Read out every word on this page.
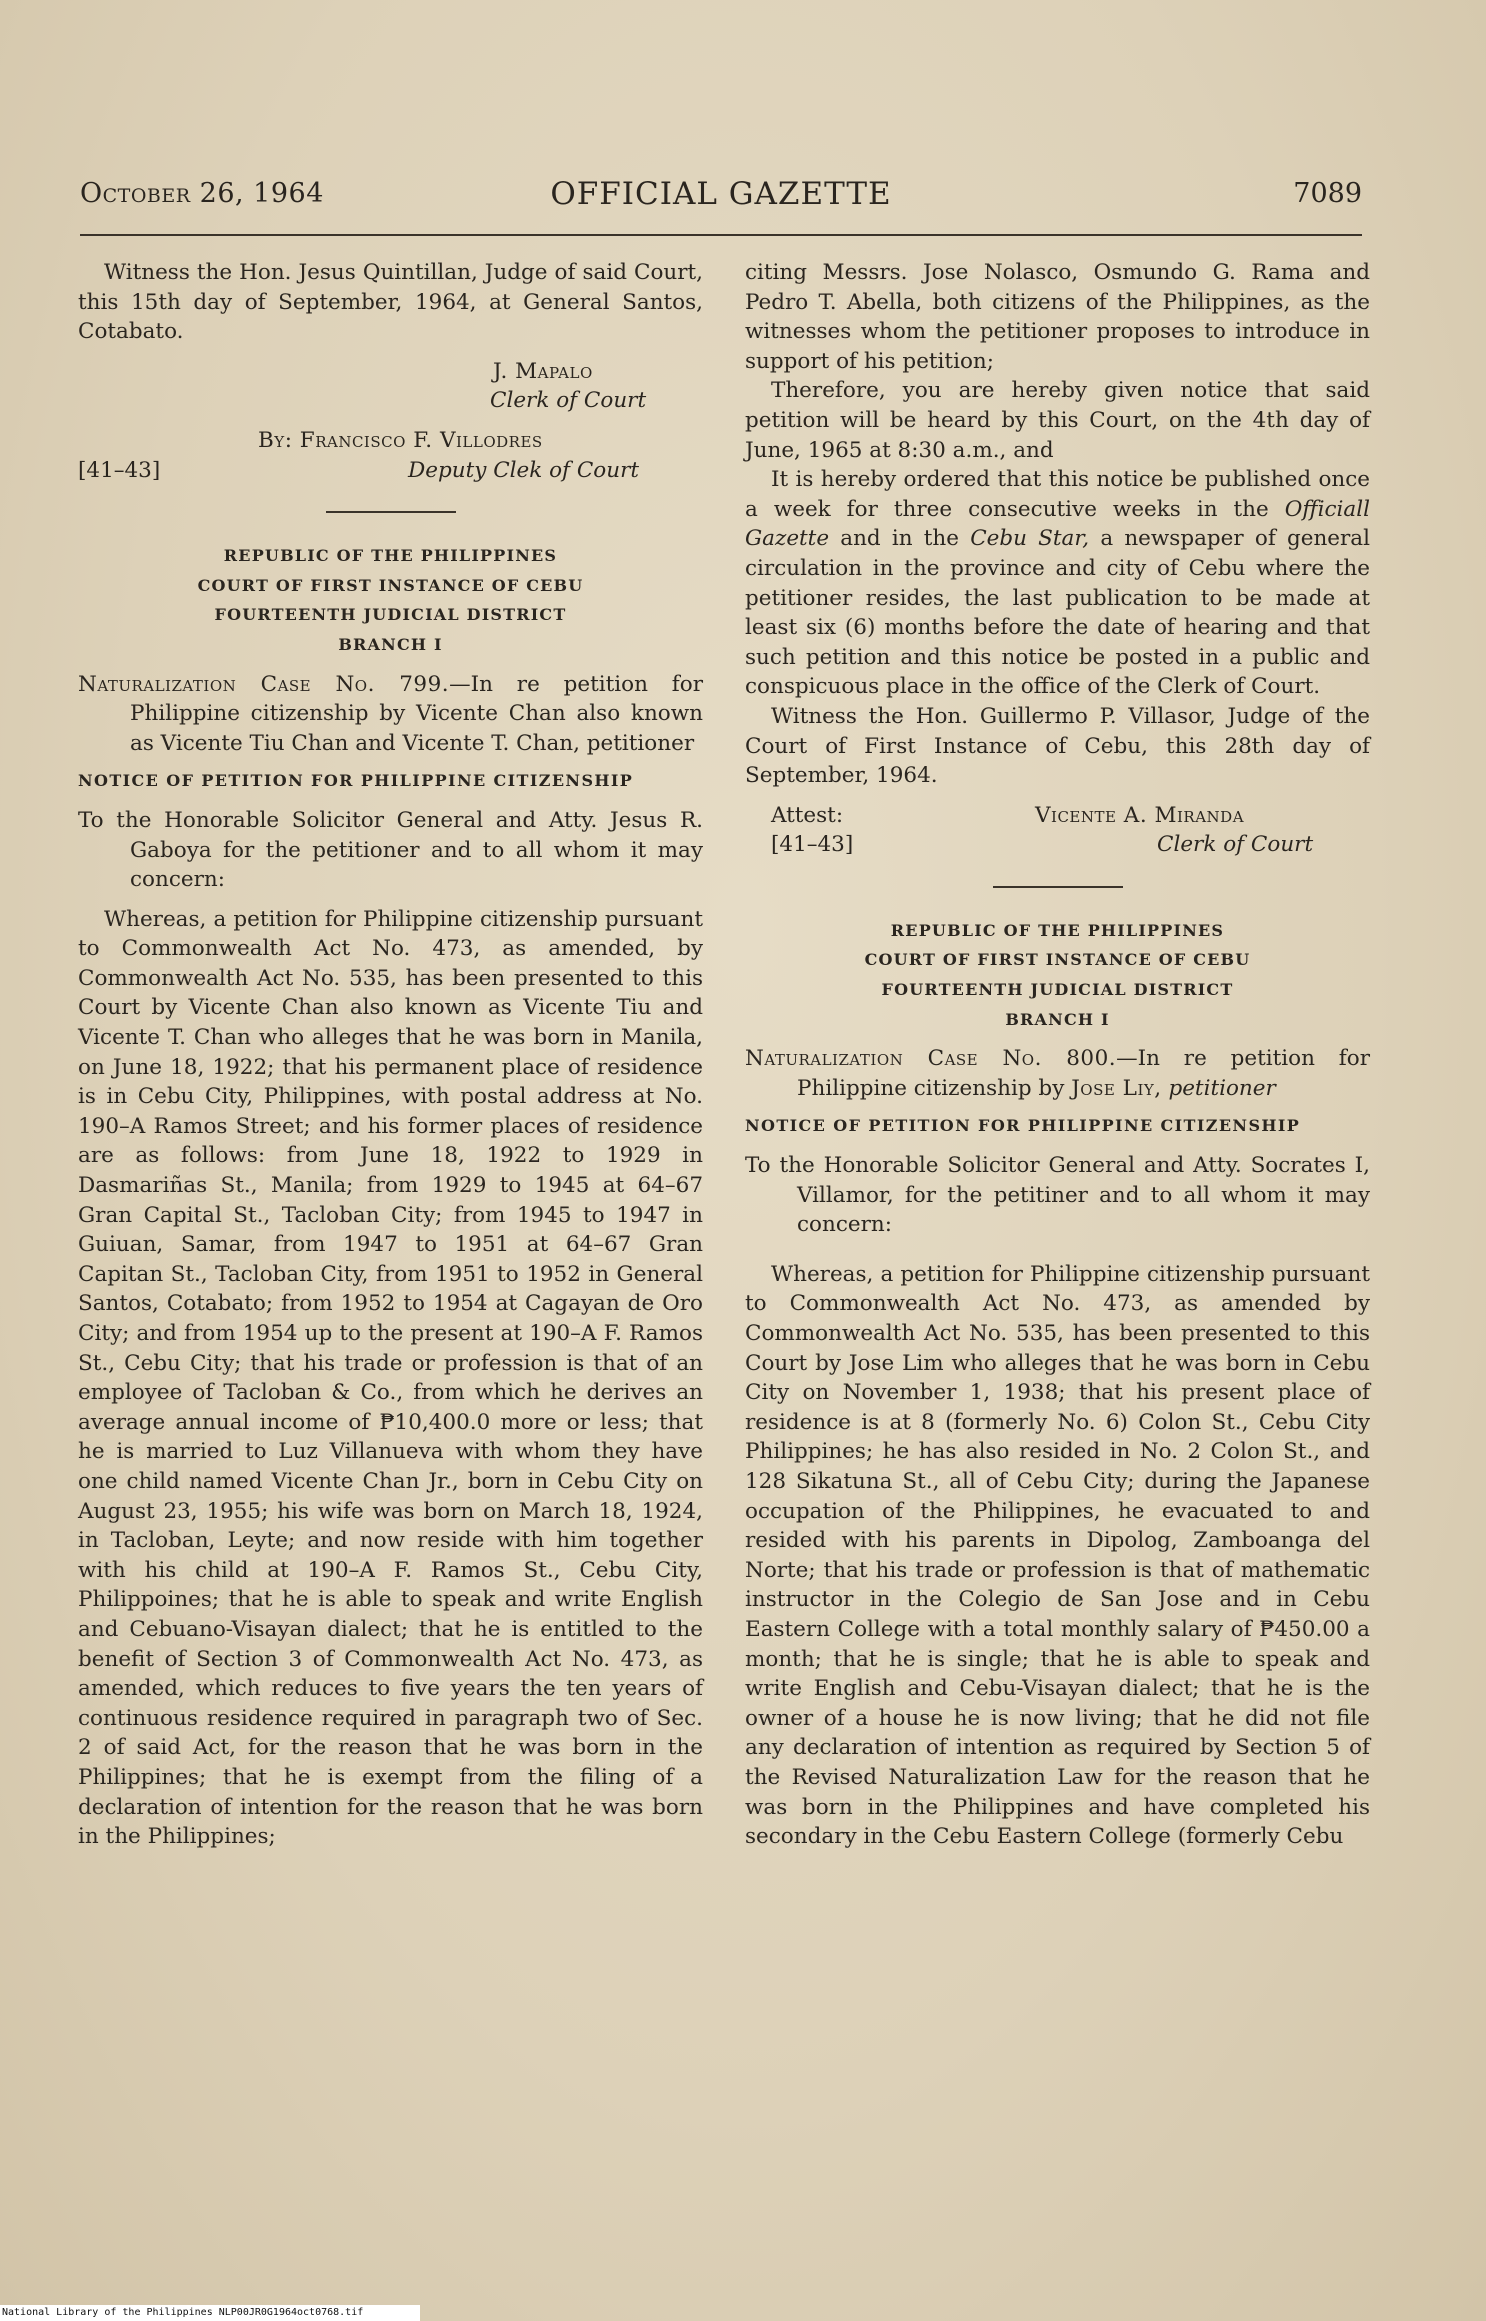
October 26, 1964	OFFICIAL GAZETTE	7089

Witness the Hon. Jesus Quintillan, Judge of said Court, this 15th day of September, 1964, at General Santos, Cotabato.

J. Mapalo
Clerk of Court
By: Francisco F. Villodres
[41–43]	Deputy Clek of Court
REPUBLIC OF THE PHILIPPINES
COURT OF FIRST INSTANCE OF CEBU
FOURTEENTH JUDICIAL DISTRICT
BRANCH I

Naturalization Case No. 799.—In re petition for Philippine citizenship by Vicente Chan also known as Vicente Tiu Chan and Vicente T. Chan, petitioner

NOTICE OF PETITION FOR PHILIPPINE CITIZENSHIP

To the Honorable Solicitor General and Atty. Jesus R. Gaboya for the petitioner and to all whom it may concern:

Whereas, a petition for Philippine citizenship pursuant to Commonwealth Act No. 473, as amended, by Commonwealth Act No. 535, has been presented to this Court by Vicente Chan also known as Vicente Tiu and Vicente T. Chan who alleges that he was born in Manila, on June 18, 1922; that his permanent place of residence is in Cebu City, Philippines, with postal address at No. 190–A Ramos Street; and his former places of residence are as follows: from June 18, 1922 to 1929 in Dasmariñas St., Manila; from 1929 to 1945 at 64–67 Gran Capital St., Tacloban City; from 1945 to 1947 in Guiuan, Samar, from 1947 to 1951 at 64–67 Gran Capitan St., Tacloban City, from 1951 to 1952 in General Santos, Cotabato; from 1952 to 1954 at Cagayan de Oro City; and from 1954 up to the present at 190–A F. Ramos St., Cebu City; that his trade or profession is that of an employee of Tacloban & Co., from which he derives an average annual income of ₱10,400.0 more or less; that he is married to Luz Villanueva with whom they have one child named Vicente Chan Jr., born in Cebu City on August 23, 1955; his wife was born on March 18, 1924, in Tacloban, Leyte; and now reside with him together with his child at 190–A F. Ramos St., Cebu City, Philippoines; that he is able to speak and write English and Cebuano-Visayan dialect; that he is entitled to the benefit of Section 3 of Commonwealth Act No. 473, as amended, which reduces to five years the ten years of continuous residence required in paragraph two of Sec. 2 of said Act, for the reason that he was born in the Philippines; that he is exempt from the filing of a declaration of intention for the reason that he was born in the Philippines;

citing Messrs. Jose Nolasco, Osmundo G. Rama and Pedro T. Abella, both citizens of the Philippines, as the witnesses whom the petitioner proposes to introduce in support of his petition;

Therefore, you are hereby given notice that said petition will be heard by this Court, on the 4th day of June, 1965 at 8:30 a.m., and

It is hereby ordered that this notice be published once a week for three consecutive weeks in the Officiall Gazette and in the Cebu Star, a newspaper of general circulation in the province and city of Cebu where the petitioner resides, the last publication to be made at least six (6) months before the date of hearing and that such petition and this notice be posted in a public and conspicuous place in the office of the Clerk of Court.

Witness the Hon. Guillermo P. Villasor, Judge of the Court of First Instance of Cebu, this 28th day of September, 1964.

Attest:	Vicente A. Miranda
[41–43]	Clerk of Court
REPUBLIC OF THE PHILIPPINES
COURT OF FIRST INSTANCE OF CEBU
FOURTEENTH JUDICIAL DISTRICT
BRANCH I

Naturalization Case No. 800.—In re petition for Philippine citizenship by Jose Liy, petitioner

NOTICE OF PETITION FOR PHILIPPINE CITIZENSHIP

To the Honorable Solicitor General and Atty. Socrates I, Villamor, for the petitiner and to all whom it may concern:

Whereas, a petition for Philippine citizenship pursuant to Commonwealth Act No. 473, as amended by Commonwealth Act No. 535, has been presented to this Court by Jose Lim who alleges that he was born in Cebu City on November 1, 1938; that his present place of residence is at 8 (formerly No. 6) Colon St., Cebu City Philippines; he has also resided in No. 2 Colon St., and 128 Sikatuna St., all of Cebu City; during the Japanese occupation of the Philippines, he evacuated to and resided with his parents in Dipolog, Zamboanga del Norte; that his trade or profession is that of mathematic instructor in the Colegio de San Jose and in Cebu Eastern College with a total monthly salary of ₱450.00 a month; that he is single; that he is able to speak and write English and Cebu-Visayan dialect; that he is the owner of a house he is now living; that he did not file any declaration of intention as required by Section 5 of the Revised Naturalization Law for the reason that he was born in the Philippines and have completed his secondary in the Cebu Eastern College (formerly Cebu

National Library of the Philippines NLP00JR0G1964oct0768.tif
